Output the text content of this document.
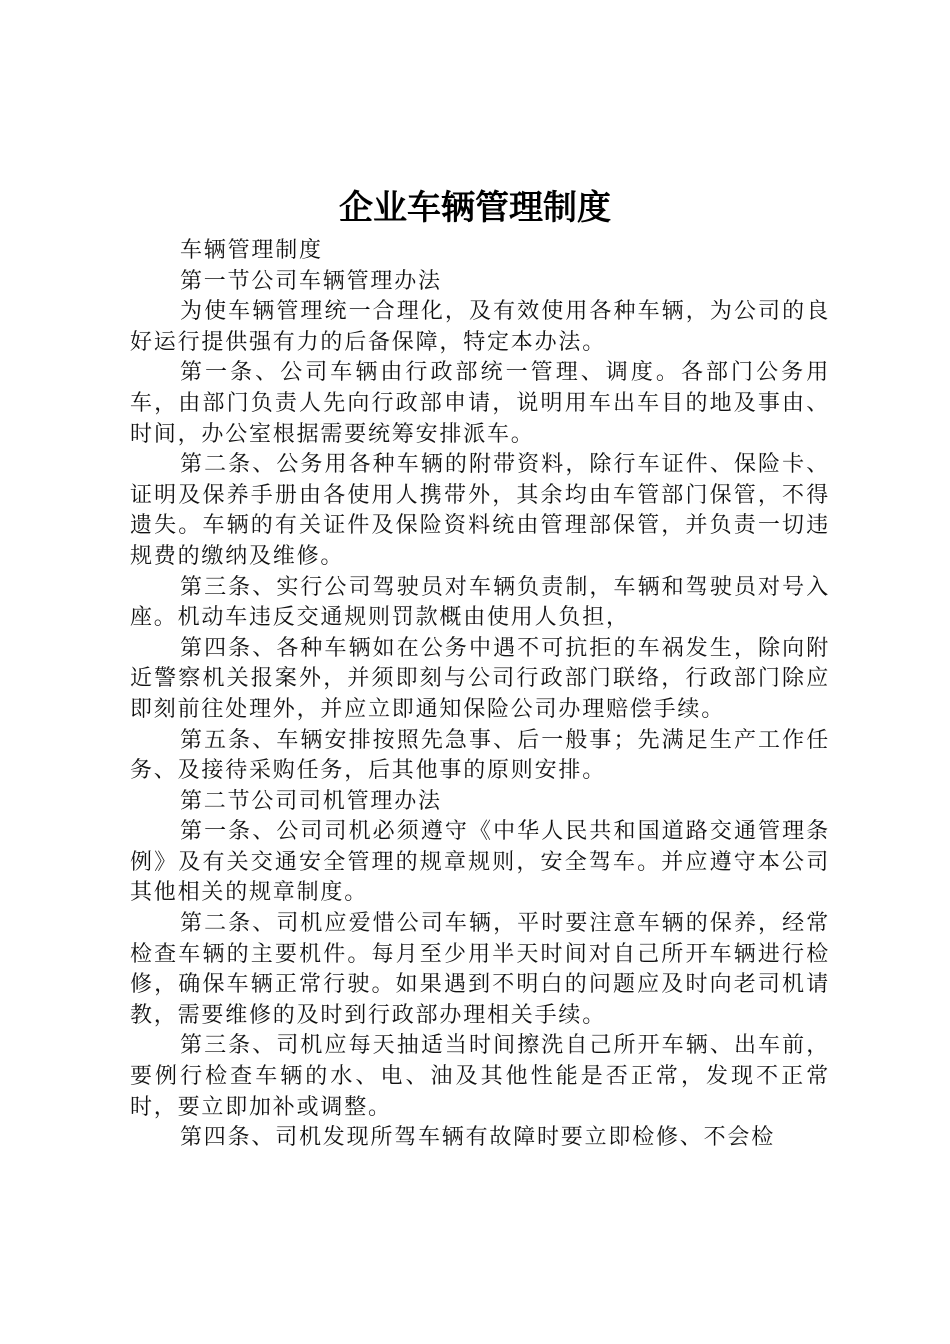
企业车辆管理制度

车辆管理制度

第一节公司车辆管理办法

为使车辆管理统一合理化，及有效使用各种车辆，为公司的良好运行提供强有力的后备保障，特定本办法。

第一条、公司车辆由行政部统一管理、调度。各部门公务用车，由部门负责人先向行政部申请，说明用车出车目的地及事由、时间，办公室根据需要统筹安排派车。

第二条、公务用各种车辆的附带资料，除行车证件、保险卡、证明及保养手册由各使用人携带外，其余均由车管部门保管，不得遗失。车辆的有关证件及保险资料统由管理部保管，并负责一切违规费的缴纳及维修。

第三条、实行公司驾驶员对车辆负责制，车辆和驾驶员对号入座。机动车违反交通规则罚款概由使用人负担，

第四条、各种车辆如在公务中遇不可抗拒的车祸发生，除向附近警察机关报案外，并须即刻与公司行政部门联络，行政部门除应即刻前往处理外，并应立即通知保险公司办理赔偿手续。

第五条、车辆安排按照先急事、后一般事；先满足生产工作任务、及接待采购任务，后其他事的原则安排。

第二节公司司机管理办法

第一条、公司司机必须遵守《中华人民共和国道路交通管理条例》及有关交通安全管理的规章规则，安全驾车。并应遵守本公司其他相关的规章制度。

第二条、司机应爱惜公司车辆，平时要注意车辆的保养，经常检查车辆的主要机件。每月至少用半天时间对自己所开车辆进行检修，确保车辆正常行驶。如果遇到不明白的问题应及时向老司机请教，需要维修的及时到行政部办理相关手续。

第三条、司机应每天抽适当时间擦洗自己所开车辆、出车前，要例行检查车辆的水、电、油及其他性能是否正常，发现不正常时，要立即加补或调整。

第四条、司机发现所驾车辆有故障时要立即检修、不会检
